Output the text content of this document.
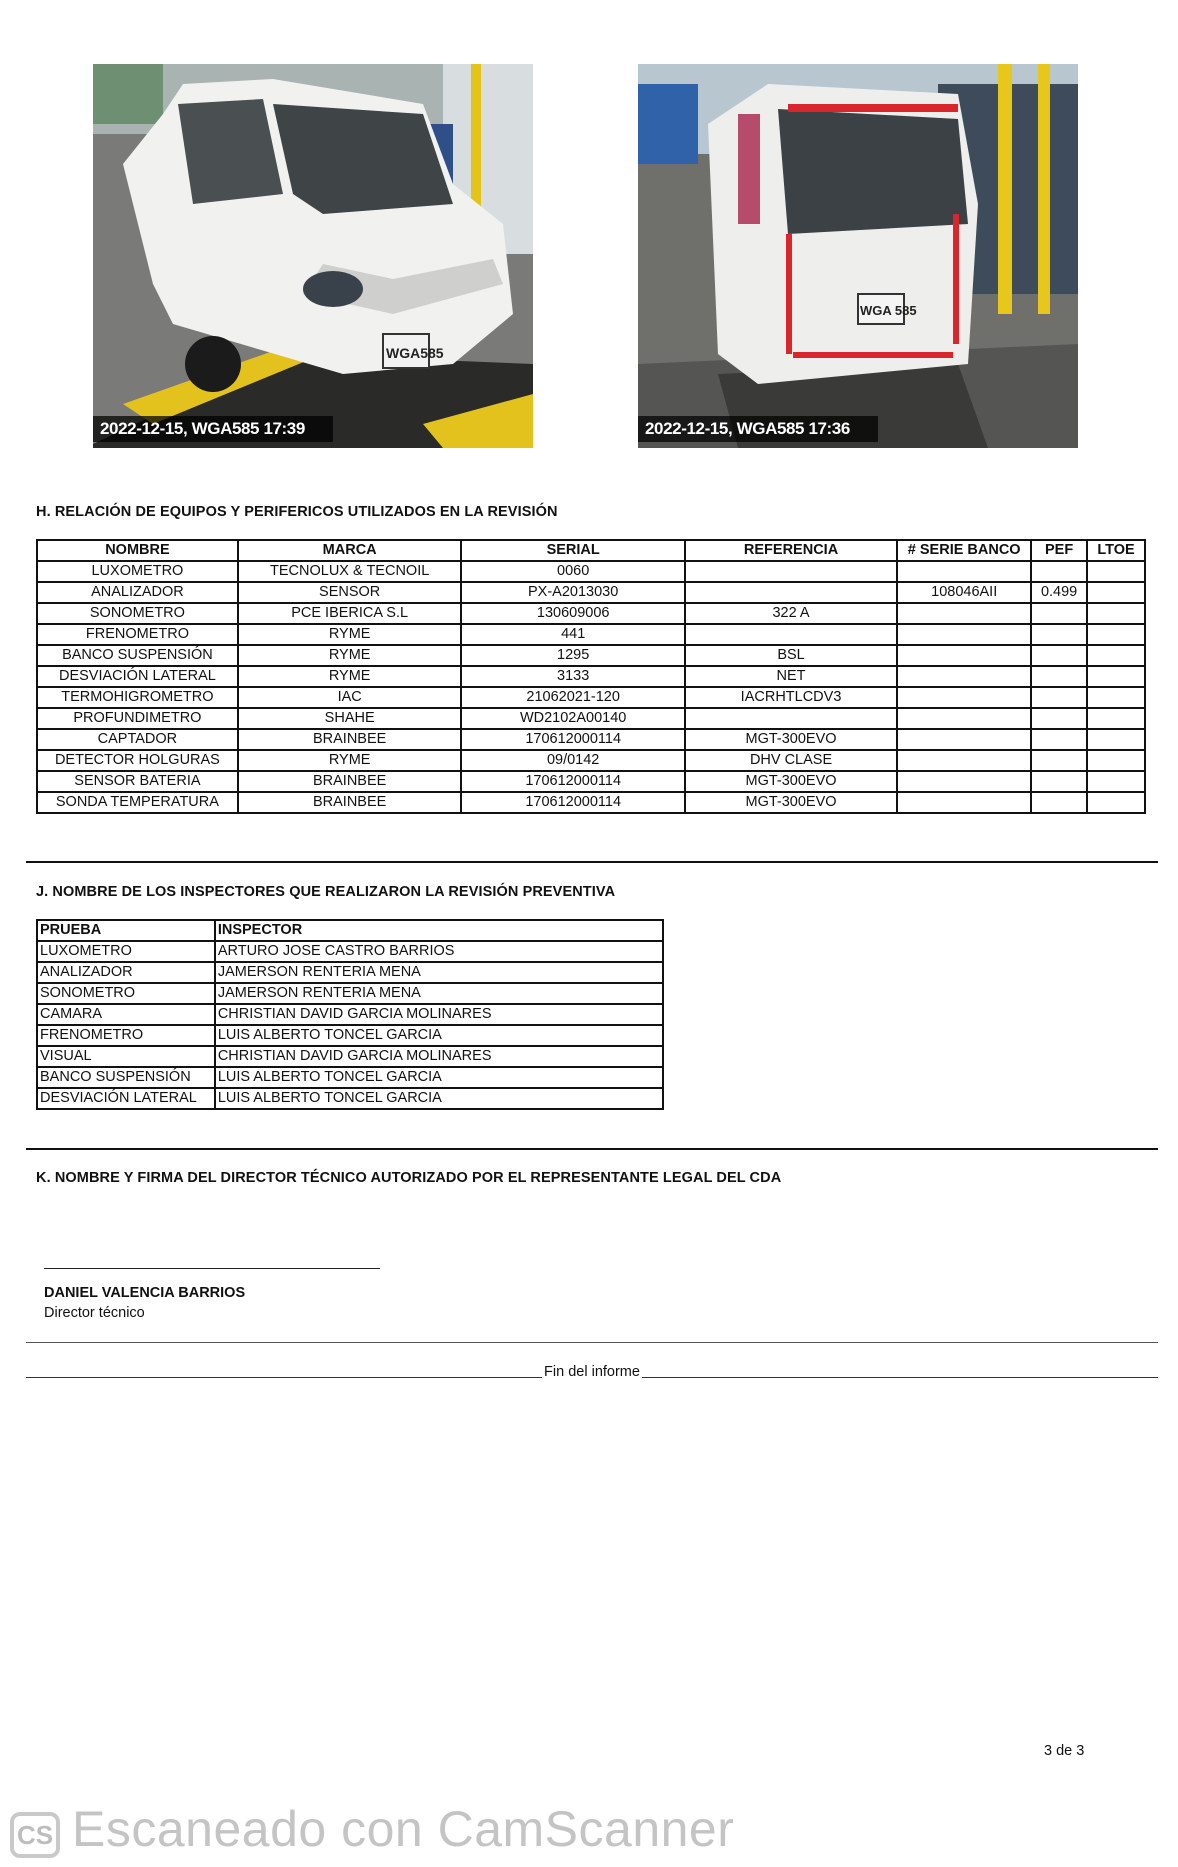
WGA585
2022-12-15, WGA585 17:39
WGA 585
2022-12-15, WGA585 17:36
H. RELACIÓN DE EQUIPOS Y PERIFERICOS UTILIZADOS EN LA REVISIÓN
NOMBRE	MARCA	SERIAL	REFERENCIA	# SERIE BANCO	PEF	LTOE
LUXOMETRO	TECNOLUX & TECNOIL	0060				
ANALIZADOR	SENSOR	PX-A2013030		108046AII	0.499	
SONOMETRO	PCE IBERICA S.L	130609006	322 A			
FRENOMETRO	RYME	441				
BANCO SUSPENSIÓN	RYME	1295	BSL			
DESVIACIÓN LATERAL	RYME	3133	NET			
TERMOHIGROMETRO	IAC	21062021-120	IACRHTLCDV3			
PROFUNDIMETRO	SHAHE	WD2102A00140				
CAPTADOR	BRAINBEE	170612000114	MGT-300EVO			
DETECTOR HOLGURAS	RYME	09/0142	DHV CLASE			
SENSOR BATERIA	BRAINBEE	170612000114	MGT-300EVO			
SONDA TEMPERATURA	BRAINBEE	170612000114	MGT-300EVO			
J. NOMBRE DE LOS INSPECTORES QUE REALIZARON LA REVISIÓN PREVENTIVA
PRUEBA	INSPECTOR
LUXOMETRO	ARTURO JOSE CASTRO BARRIOS
ANALIZADOR	JAMERSON RENTERIA MENA
SONOMETRO	JAMERSON RENTERIA MENA
CAMARA	CHRISTIAN DAVID GARCIA MOLINARES
FRENOMETRO	LUIS ALBERTO TONCEL GARCIA
VISUAL	CHRISTIAN DAVID GARCIA MOLINARES
BANCO SUSPENSIÓN	LUIS ALBERTO TONCEL GARCIA
DESVIACIÓN LATERAL	LUIS ALBERTO TONCEL GARCIA
K. NOMBRE Y FIRMA DEL DIRECTOR TÉCNICO AUTORIZADO POR EL REPRESENTANTE LEGAL DEL CDA
DANIEL VALENCIA BARRIOS
Director técnico
Fin del informe
3 de 3
CS Escaneado con CamScanner
